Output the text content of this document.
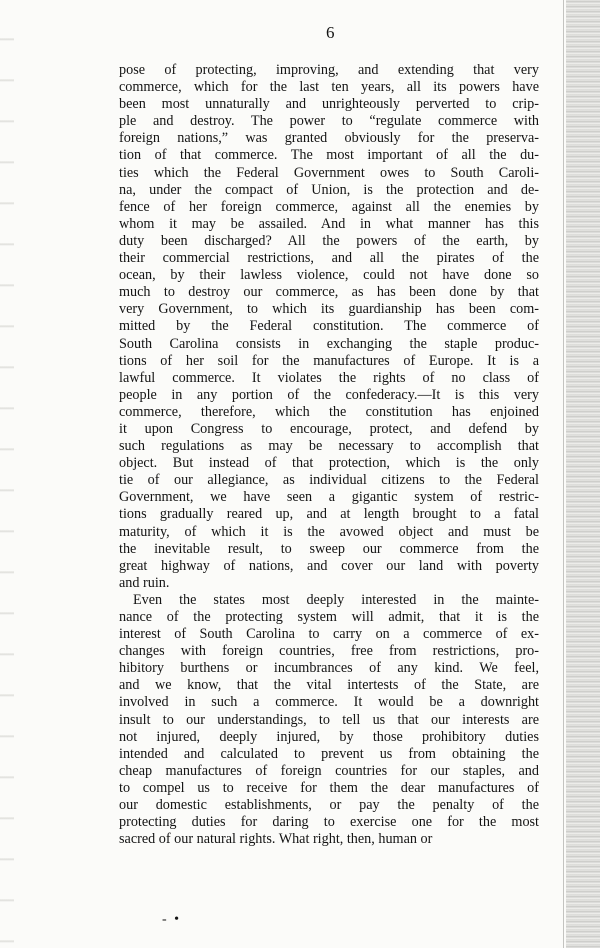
6
pose of protecting, improving, and extending that very
commerce, which for the last ten years, all its powers have
been most unnaturally and unrighteously perverted to crip-
ple and destroy. The power to “regulate commerce with
foreign nations,” was granted obviously for the preserva-
tion of that commerce. The most important of all the du-
ties which the Federal Government owes to South Caroli-
na, under the compact of Union, is the protection and de-
fence of her foreign commerce, against all the enemies by
whom it may be assailed. And in what manner has this
duty been discharged? All the powers of the earth, by
their commercial restrictions, and all the pirates of the
ocean, by their lawless violence, could not have done so
much to destroy our commerce, as has been done by that
very Government, to which its guardianship has been com-
mitted by the Federal constitution. The commerce of
South Carolina consists in exchanging the staple produc-
tions of her soil for the manufactures of Europe. It is a
lawful commerce. It violates the rights of no class of
people in any portion of the confederacy.—It is this very
commerce, therefore, which the constitution has enjoined
it upon Congress to encourage, protect, and defend by
such regulations as may be necessary to accomplish that
object. But instead of that protection, which is the only
tie of our allegiance, as individual citizens to the Federal
Government, we have seen a gigantic system of restric-
tions gradually reared up, and at length brought to a fatal
maturity, of which it is the avowed object and must be
the inevitable result, to sweep our commerce from the
great highway of nations, and cover our land with poverty
and ruin.
Even the states most deeply interested in the mainte-
nance of the protecting system will admit, that it is the
interest of South Carolina to carry on a commerce of ex-
changes with foreign countries, free from restrictions, pro-
hibitory burthens or incumbrances of any kind. We feel,
and we know, that the vital intertests of the State, are
involved in such a commerce. It would be a downright
insult to our understandings, to tell us that our interests are
not injured, deeply injured, by those prohibitory duties
intended and calculated to prevent us from obtaining the
cheap manufactures of foreign countries for our staples, and
to compel us to receive for them the dear manufactures of
our domestic establishments, or pay the penalty of the
protecting duties for daring to exercise one for the most
sacred of our natural rights. What right, then, human or
- •
